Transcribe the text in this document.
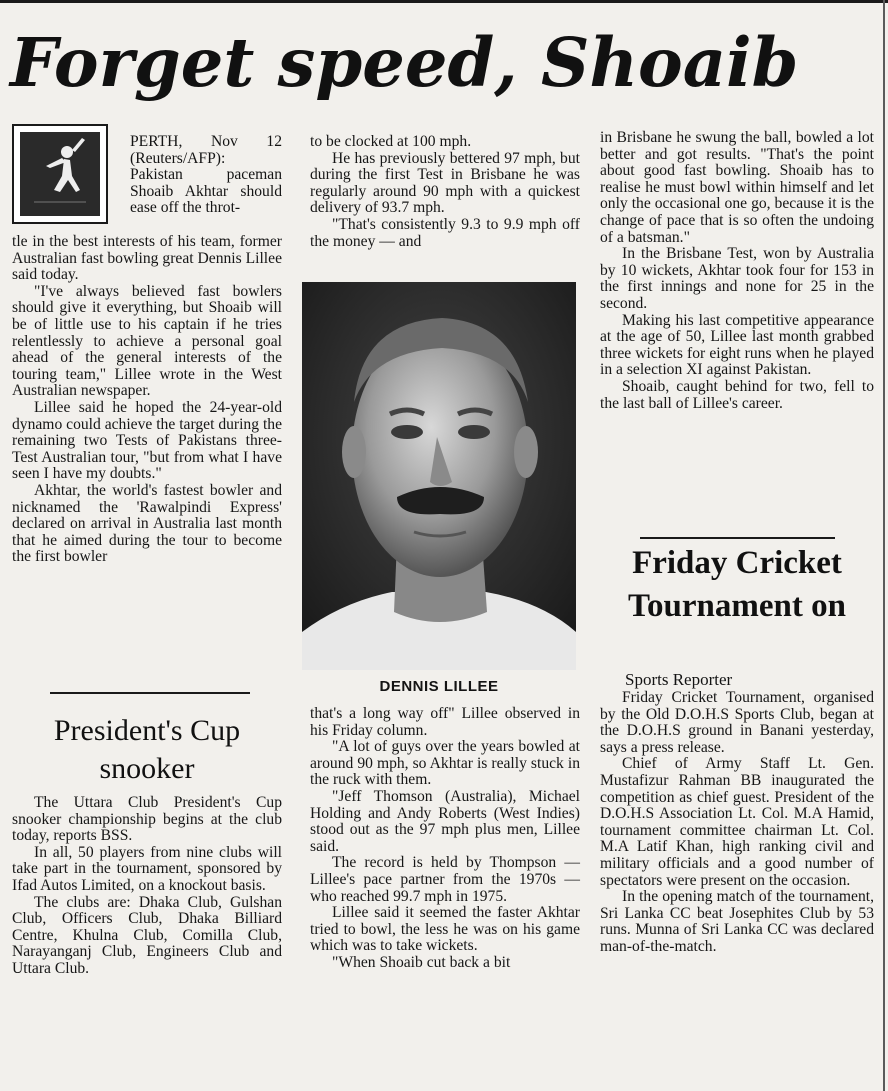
Forget speed, Shoaib
PERTH, Nov 12 (Reuters/AFP): Pakistan paceman Shoaib Akhtar should ease off the throt-

tle in the best interests of his team, former Australian fast bowling great Dennis Lillee said today.

"I've always believed fast bowlers should give it everything, but Shoaib will be of little use to his captain if he tries relentlessly to achieve a personal goal ahead of the general interests of the touring team," Lillee wrote in the West Australian newspaper.

Lillee said he hoped the 24-year-old dynamo could achieve the target during the remaining two Tests of Pakistans three-Test Australian tour, "but from what I have seen I have my doubts."

Akhtar, the world's fastest bowler and nicknamed the 'Rawalpindi Express' declared on arrival in Australia last month that he aimed during the tour to become the first bowler

President's Cup snooker

The Uttara Club President's Cup snooker championship begins at the club today, reports BSS.

In all, 50 players from nine clubs will take part in the tournament, sponsored by Ifad Autos Limited, on a knockout basis.

The clubs are: Dhaka Club, Gulshan Club, Officers Club, Dhaka Billiard Centre, Khulna Club, Comilla Club, Narayanganj Club, Engineers Club and Uttara Club.

to be clocked at 100 mph.

He has previously bettered 97 mph, but during the first Test in Brisbane he was regularly around 90 mph with a quickest delivery of 93.7 mph.

"That's consistently 9.3 to 9.9 mph off the money — and

DENNIS LILLEE

that's a long way off" Lillee observed in his Friday column.

"A lot of guys over the years bowled at around 90 mph, so Akhtar is really stuck in the ruck with them.

"Jeff Thomson (Australia), Michael Holding and Andy Roberts (West Indies) stood out as the 97 mph plus men, Lillee said.

The record is held by Thompson — Lillee's pace partner from the 1970s — who reached 99.7 mph in 1975.

Lillee said it seemed the faster Akhtar tried to bowl, the less he was on his game which was to take wickets.

"When Shoaib cut back a bit

in Brisbane he swung the ball, bowled a lot better and got results. "That's the point about good fast bowling. Shoaib has to realise he must bowl within himself and let only the occasional one go, because it is the change of pace that is so often the undoing of a batsman."

In the Brisbane Test, won by Australia by 10 wickets, Akhtar took four for 153 in the first innings and none for 25 in the second.

Making his last competitive appearance at the age of 50, Lillee last month grabbed three wickets for eight runs when he played in a selection XI against Pakistan.

Shoaib, caught behind for two, fell to the last ball of Lillee's career.

Friday Cricket Tournament on
Sports Reporter

Friday Cricket Tournament, organised by the Old D.O.H.S Sports Club, began at the D.O.H.S ground in Banani yesterday, says a press release.

Chief of Army Staff Lt. Gen. Mustafizur Rahman BB inaugurated the competition as chief guest. President of the D.O.H.S Association Lt. Col. M.A Hamid, tournament committee chairman Lt. Col. M.A Latif Khan, high ranking civil and military officials and a good number of spectators were present on the occasion.

In the opening match of the tournament, Sri Lanka CC beat Josephites Club by 53 runs. Munna of Sri Lanka CC was declared man-of-the-match.
